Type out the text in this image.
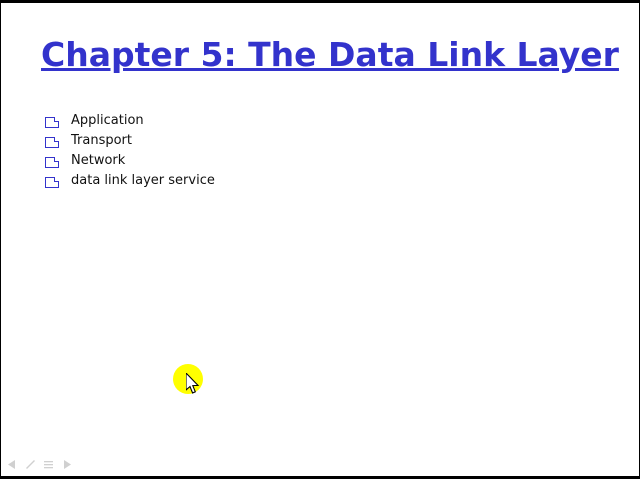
Chapter 5: The Data Link Layer
Application
Transport
Network
data link layer service
